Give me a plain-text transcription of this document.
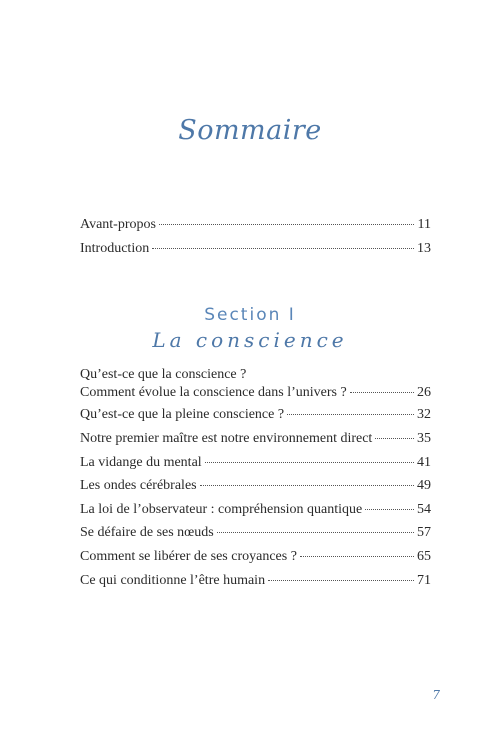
Sommaire
Avant-propos	11
Introduction	13
Section I
La conscience
Qu’est-ce que la conscience ?
Comment évolue la conscience dans l’univers ?	26
Qu’est-ce que la pleine conscience ?	32
Notre premier maître est notre environnement direct	35
La vidange du mental	41
Les ondes cérébrales	49
La loi de l’observateur : compréhension quantique	54
Se défaire de ses nœuds	57
Comment se libérer de ses croyances ?	65
Ce qui conditionne l’être humain	71
7
